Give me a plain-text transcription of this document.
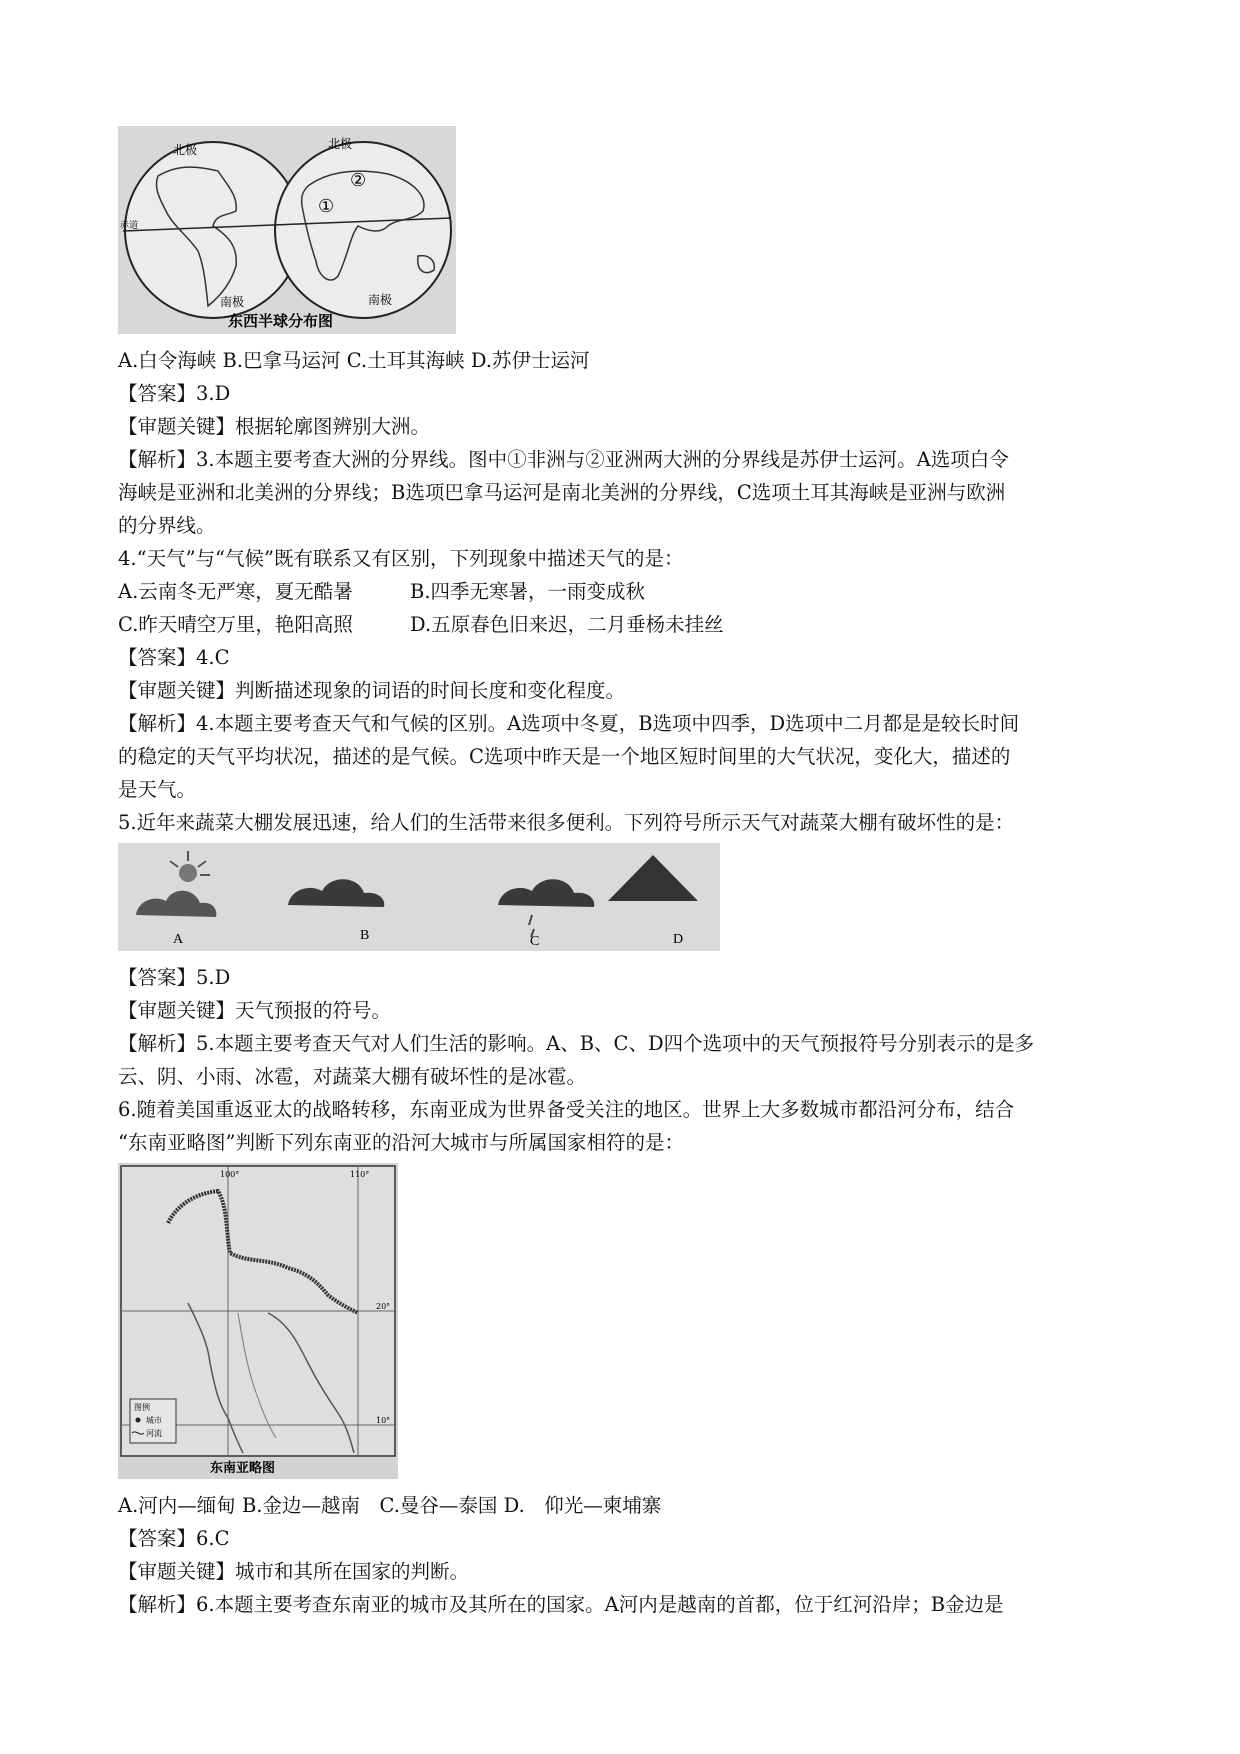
北极	北极
赤道
①
②
南极	南极
东西半球分布图
A.白令海峡 B.巴拿马运河 C.土耳其海峡 D.苏伊士运河
【答案】3.D
【审题关键】根据轮廓图辨别大洲。
【解析】3.本题主要考查大洲的分界线。图中①非洲与②亚洲两大洲的分界线是苏伊士运河。A选项白令
海峡是亚洲和北美洲的分界线；B选项巴拿马运河是南北美洲的分界线，C选项土耳其海峡是亚洲与欧洲
的分界线。
4.“天气”与“气候”既有联系又有区别，下列现象中描述天气的是：
A.云南冬无严寒，夏无酷暑	B.四季无寒暑，一雨变成秋
C.昨天晴空万里，艳阳高照	D.五原春色旧来迟，二月垂杨未挂丝
【答案】4.C
【审题关键】判断描述现象的词语的时间长度和变化程度。
【解析】4.本题主要考查天气和气候的区别。A选项中冬夏，B选项中四季，D选项中二月都是是较长时间
的稳定的天气平均状况，描述的是气候。C选项中昨天是一个地区短时间里的大气状况，变化大，描述的
是天气。
5.近年来蔬菜大棚发展迅速，给人们的生活带来很多便利。下列符号所示天气对蔬菜大棚有破坏性的是：
A	B	C	D
【答案】5.D
【审题关键】天气预报的符号。
【解析】5.本题主要考查天气对人们生活的影响。A、B、C、D四个选项中的天气预报符号分别表示的是多
云、阴、小雨、冰雹，对蔬菜大棚有破坏性的是冰雹。
6.随着美国重返亚太的战略转移，东南亚成为世界备受关注的地区。世界上大多数城市都沿河分布，结合
“东南亚略图”判断下列东南亚的沿河大城市与所属国家相符的是：
100°	110°
20°
10°
图例
城市
河流
东南亚略图
A.河内—缅甸 B.金边—越南　C.曼谷—泰国 D.　仰光—柬埔寨
【答案】6.C
【审题关键】城市和其所在国家的判断。
【解析】6.本题主要考查东南亚的城市及其所在的国家。A河内是越南的首都，位于红河沿岸；B金边是
